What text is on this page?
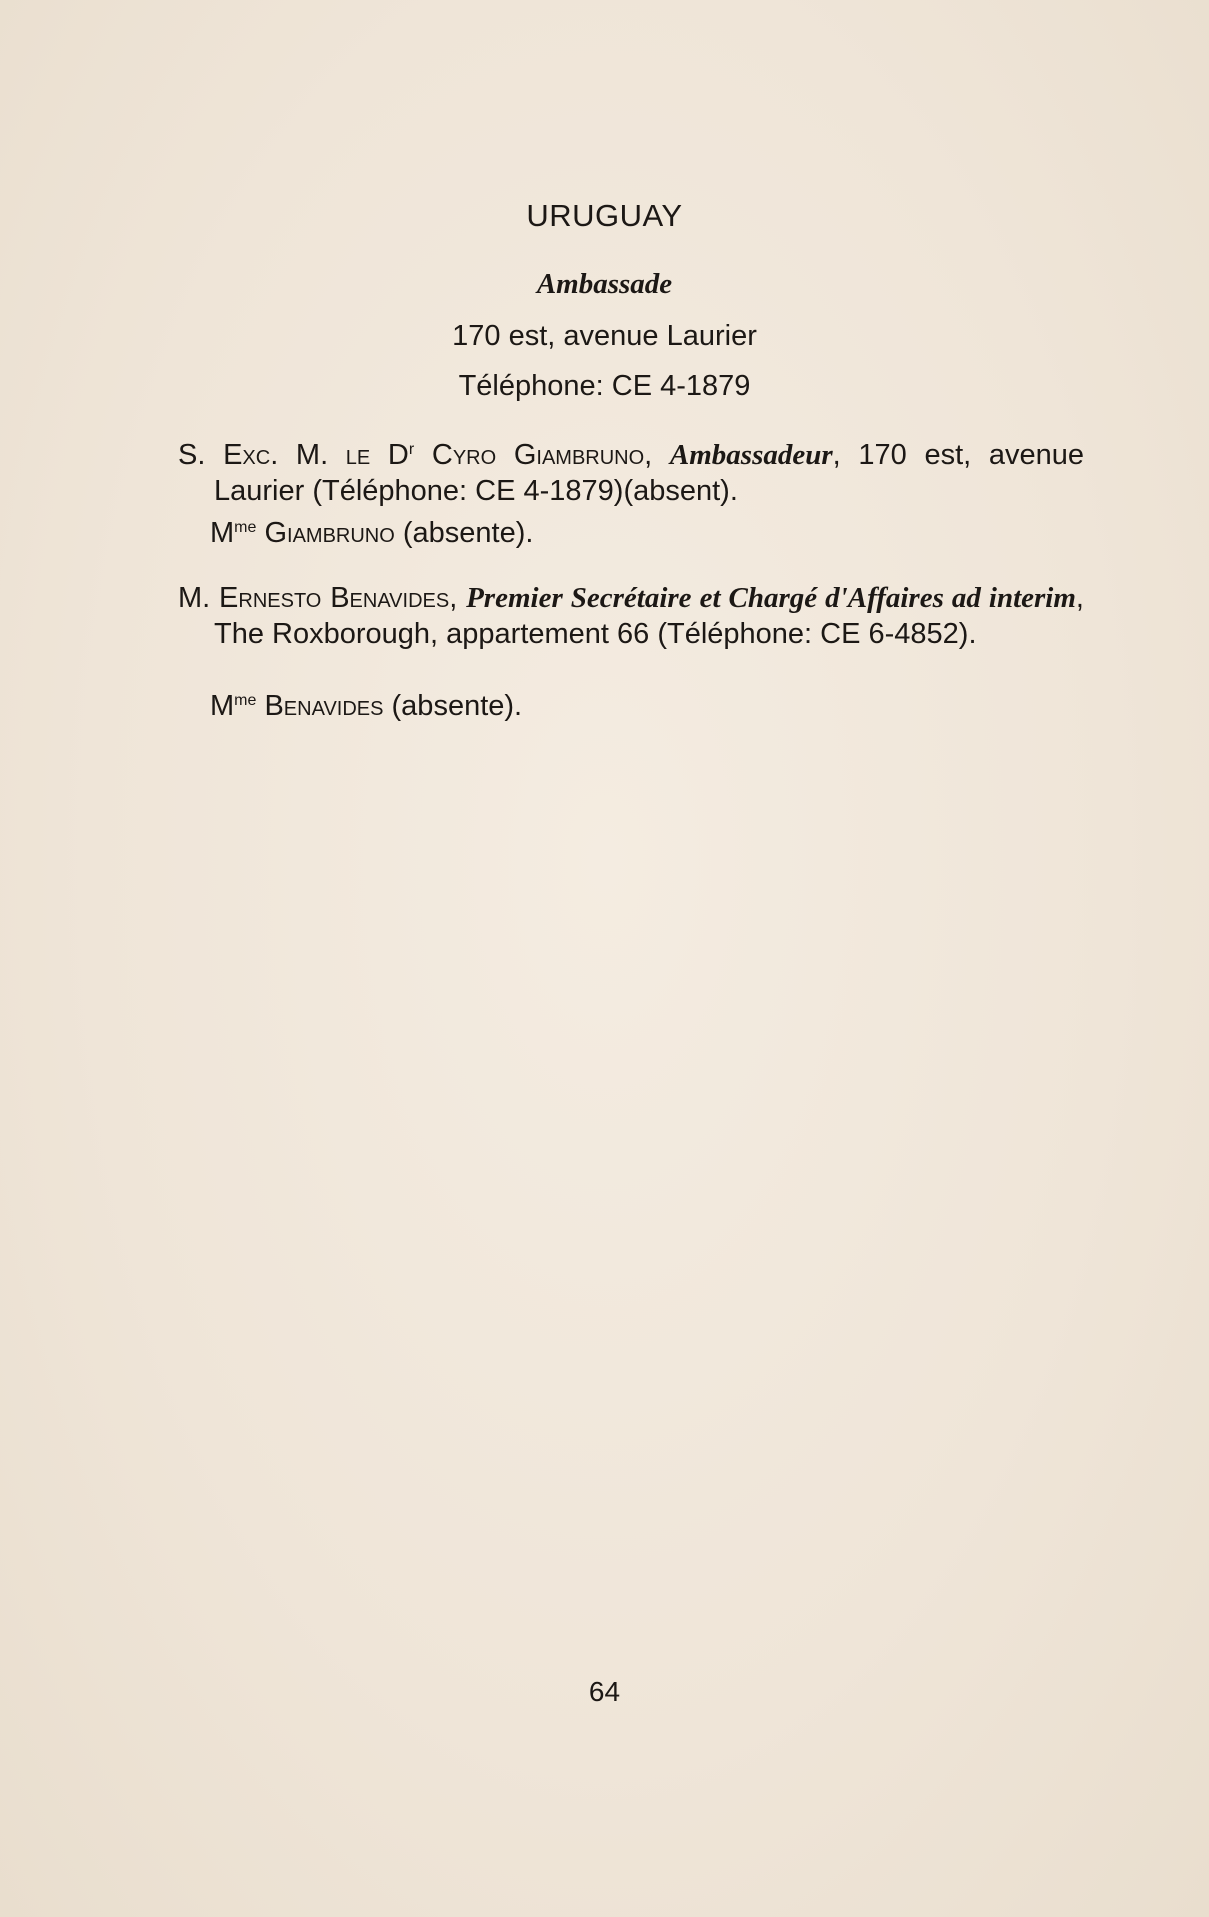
URUGUAY
Ambassade
170 est, avenue Laurier
Téléphone: CE 4-1879
S. Exc. M. le $D^r$ Cyro Giambruno, Ambassadeur, 170 est, avenue Laurier (Téléphone: CE 4-1879)(absent).
$M^{me}$ Giambruno (absente).
M. Ernesto Benavides, Premier Secrétaire et Chargé d'Affaires ad interim, The Roxborough, appartement 66 (Téléphone: CE 6-4852).
$M^{me}$ Benavides (absente).
64
